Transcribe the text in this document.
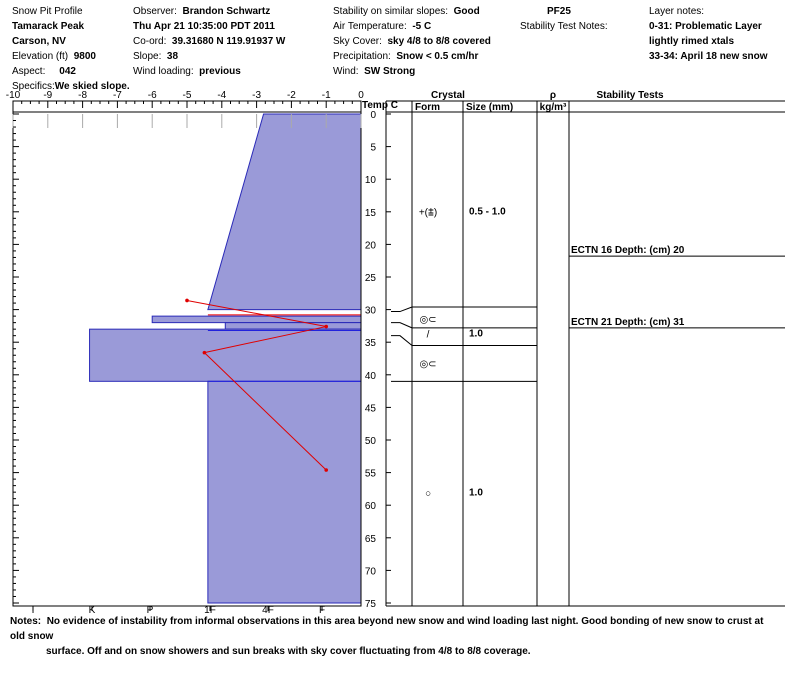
Snow Pit Profile
Tamarack Peak
Carson, NV
Elevation (ft) 9800
Aspect: 042
Specifics:We skied slope.
Observer: Brandon Schwartz
Thu Apr 21 10:35:00 PDT 2011
Co-ord: 39.31680 N 119.91937 W
Slope: 38
Wind loading: previous
Stability on similar slopes: Good
Air Temperature: -5 C
Sky Cover: sky 4/8 to 8/8 covered
Precipitation: Snow < 0.5 cm/hr
Wind: SW Strong
PF25
Stability Test Notes:
Layer notes:
0-31: Problematic Layer
lightly rimed xtals
33-34: April 18 new snow
-10 -9	-8	-7	-6	-5	-4	-3	-2	-1	0
Temp C
0
5
10
15
20
25
30
35
40
45
50
55
60
65
70
75
I	K	P	1F	4F	F
Crystal
Form	Size (mm)
ρ
kg/m³
Stability Tests
+(⩲)	0.5 - 1.0
◎⊂
/	1.0
◎⊂
○	1.0
ECTN 16 Depth: (cm) 20
ECTN 21 Depth: (cm) 31
Notes: No evidence of instability from informal observations in this area beyond new snow and wind loading last night. Good bonding of new snow to crust at old snow
surface. Off and on snow showers and sun breaks with sky cover fluctuating from 4/8 to 8/8 coverage.
